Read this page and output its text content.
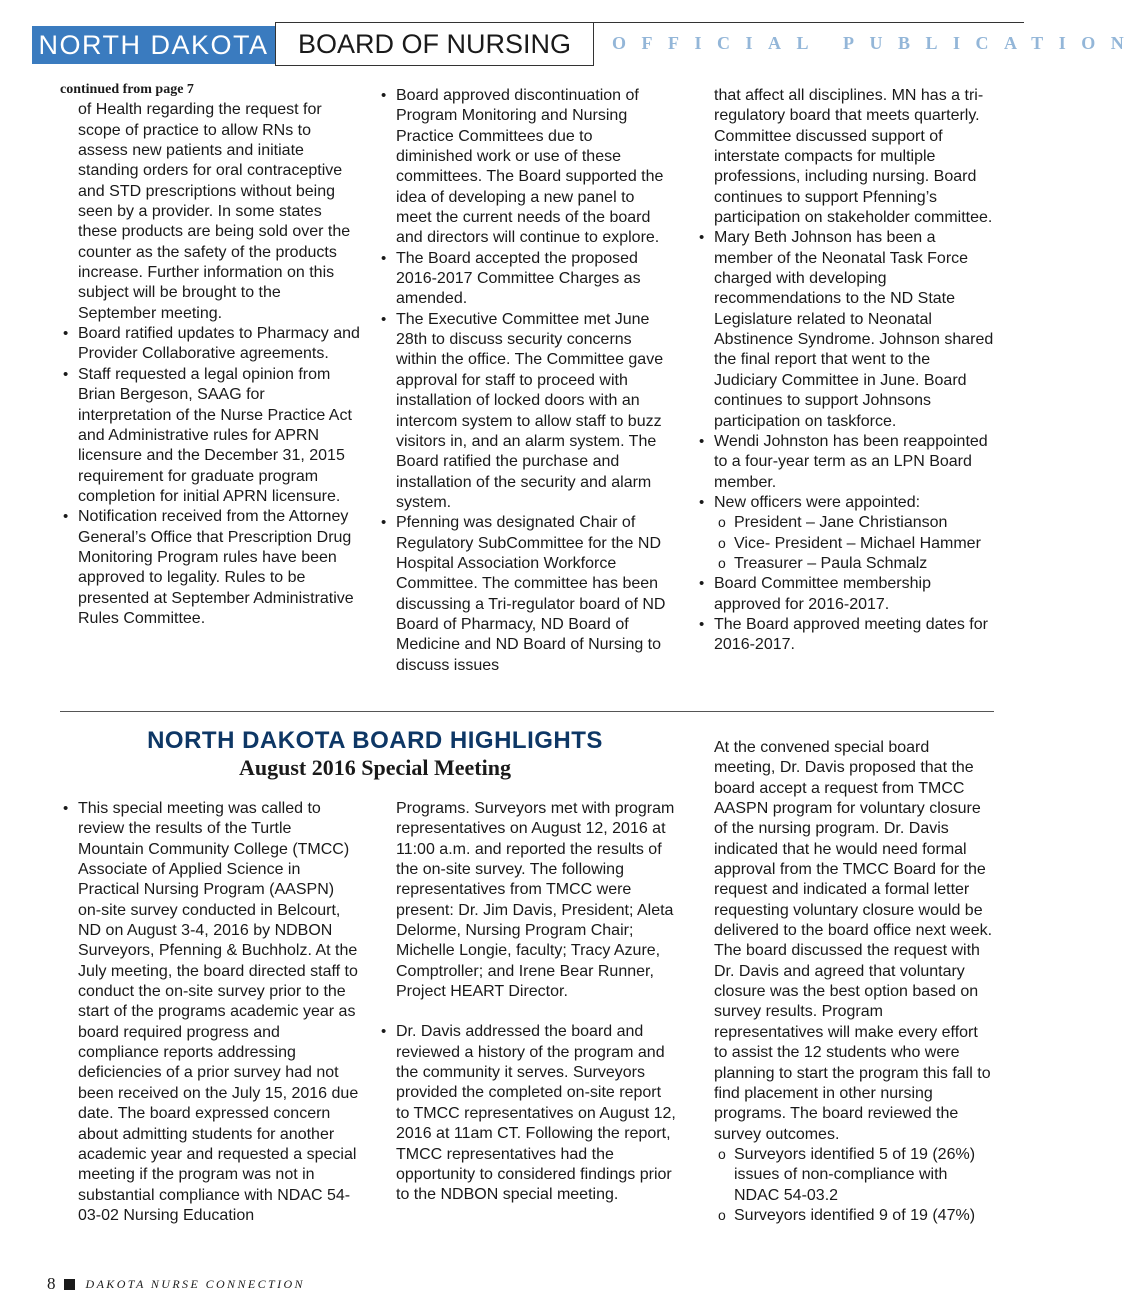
NORTH DAKOTA	BOARD OF NURSING	OFFICIAL PUBLICATION

continued from page 7

of Health regarding the request for scope of practice to allow RNs to assess new patients and initiate standing orders for oral contraceptive and STD prescriptions without being seen by a provider. In some states these products are being sold over the counter as the safety of the products increase. Further information on this subject will be brought to the September meeting.

• Board ratified updates to Pharmacy and Provider Collaborative agreements.
• Staff requested a legal opinion from Brian Bergeson, SAAG for interpretation of the Nurse Practice Act and Administrative rules for APRN licensure and the December 31, 2015 requirement for graduate program completion for initial APRN licensure.
• Notification received from the Attorney General’s Office that Prescription Drug Monitoring Program rules have been approved to legality. Rules to be presented at September Administrative Rules Committee.
• Board approved discontinuation of Program Monitoring and Nursing Practice Committees due to diminished work or use of these committees. The Board supported the idea of developing a new panel to meet the current needs of the board and directors will continue to explore.
• The Board accepted the proposed 2016-2017 Committee Charges as amended.
• The Executive Committee met June 28th to discuss security concerns within the office. The Committee gave approval for staff to proceed with installation of locked doors with an intercom system to allow staff to buzz visitors in, and an alarm system. The Board ratified the purchase and installation of the security and alarm system.
• Pfenning was designated Chair of Regulatory SubCommittee for the ND Hospital Association Workforce Committee. The committee has been discussing a Tri-regulator board of ND Board of Pharmacy, ND Board of Medicine and ND Board of Nursing to discuss issues

that affect all disciplines. MN has a tri-regulatory board that meets quarterly. Committee discussed support of interstate compacts for multiple professions, including nursing. Board continues to support Pfenning’s participation on stakeholder committee.

• Mary Beth Johnson has been a member of the Neonatal Task Force charged with developing recommendations to the ND State Legislature related to Neonatal Abstinence Syndrome. Johnson shared the final report that went to the Judiciary Committee in June. Board continues to support Johnsons participation on taskforce.
• Wendi Johnston has been reappointed to a four-year term as an LPN Board member.
• New officers were appointed:
o President – Jane Christianson
o Vice- President – Michael Hammer
o Treasurer – Paula Schmalz
• Board Committee membership approved for 2016-2017.
• The Board approved meeting dates for 2016-2017.
NORTH DAKOTA BOARD HIGHLIGHTS
August 2016 Special Meeting
• This special meeting was called to review the results of the Turtle Mountain Community College (TMCC) Associate of Applied Science in Practical Nursing Program (AASPN) on-site survey conducted in Belcourt, ND on August 3-4, 2016 by NDBON Surveyors, Pfenning & Buchholz. At the July meeting, the board directed staff to conduct the on-site survey prior to the start of the programs academic year as board required progress and compliance reports addressing deficiencies of a prior survey had not been received on the July 15, 2016 due date. The board expressed concern about admitting students for another academic year and requested a special meeting if the program was not in substantial compliance with NDAC 54-03-02 Nursing Education

Programs. Surveyors met with program representatives on August 12, 2016 at 11:00 a.m. and reported the results of the on-site survey. The following representatives from TMCC were present: Dr. Jim Davis, President; Aleta Delorme, Nursing Program Chair; Michelle Longie, faculty; Tracy Azure, Comptroller; and Irene Bear Runner, Project HEART Director.

• Dr. Davis addressed the board and reviewed a history of the program and the community it serves. Surveyors provided the completed on-site report to TMCC representatives on August 12, 2016 at 11am CT. Following the report, TMCC representatives had the opportunity to considered findings prior to the NDBON special meeting.

At the convened special board meeting, Dr. Davis proposed that the board accept a request from TMCC AASPN program for voluntary closure of the nursing program. Dr. Davis indicated that he would need formal approval from the TMCC Board for the request and indicated a formal letter requesting voluntary closure would be delivered to the board office next week. The board discussed the request with Dr. Davis and agreed that voluntary closure was the best option based on survey results. Program representatives will make every effort to assist the 12 students who were planning to start the program this fall to find placement in other nursing programs. The board reviewed the survey outcomes.

o Surveyors identified 5 of 19 (26%) issues of non-compliance with NDAC 54-03.2
o Surveyors identified 9 of 19 (47%)
8	DAKOTA NURSE CONNECTION
